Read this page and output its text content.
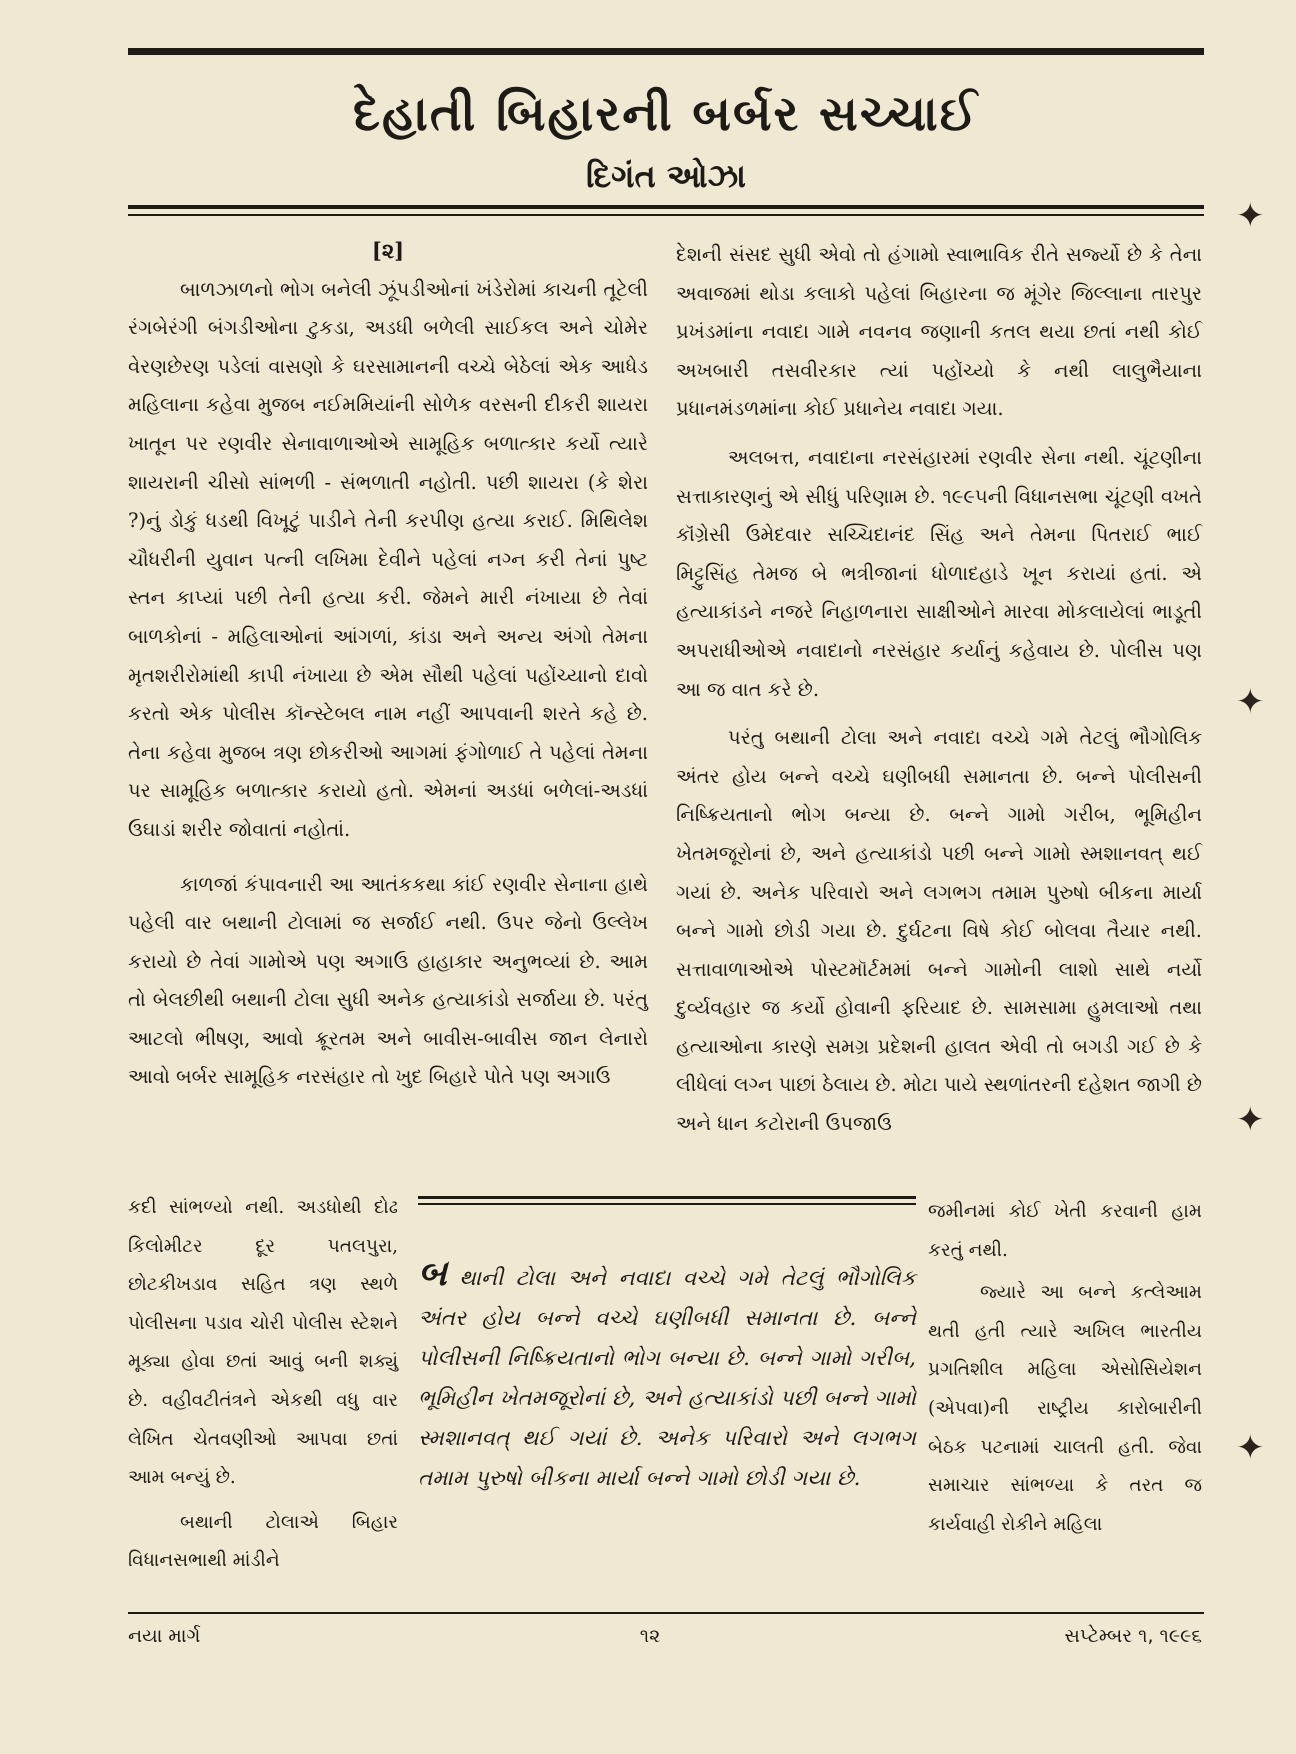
દેહાતી બિહારની બર્બર સચ્ચાઈ
દિગંત ઓઝા

[૨]

બાળઝાળનો ભોગ બનેલી ઝૂંપડીઓનાં ખંડેરોમાં કાચની તૂટેલી રંગબેરંગી બંગડીઓના ટુકડા, અડધી બળેલી સાઈકલ અને ચોમેર વેરણછેરણ પડેલાં વાસણો કે ઘરસામાનની વચ્ચે બેઠેલાં એક આધેડ મહિલાના કહેવા મુજબ નઈમમિયાંની સોળેક વરસની દીકરી શાયરા ખાતૂન પર રણવીર સેનાવાળાઓએ સામૂહિક બળાત્કાર કર્યો ત્યારે શાયરાની ચીસો સાંભળી - સંભળાતી નહોતી. પછી શાયરા (કે શેરા ?)નું ડોકું ધડથી વિખૂટું પાડીને તેની કરપીણ હત્યા કરાઈ. મિથિલેશ ચૌધરીની યુવાન પત્ની લખિમા દેવીને પહેલાં નગ્ન કરી તેનાં પુષ્ટ સ્તન કાપ્યાં પછી તેની હત્યા કરી. જેમને મારી નંખાયા છે તેવાં બાળકોનાં - મહિલાઓનાં આંગળાં, કાંડા અને અન્ય અંગો તેમના મૃતશરીરોમાંથી કાપી નંખાયા છે એમ સૌથી પહેલાં પહોંચ્યાનો દાવો કરતો એક પોલીસ કૉન્સ્ટેબલ નામ નહીં આપવાની શરતે કહે છે. તેના કહેવા મુજબ ત્રણ છોકરીઓ આગમાં ફંગોળાઈ તે પહેલાં તેમના પર સામૂહિક બળાત્કાર કરાયો હતો. એમનાં અડધાં બળેલાં-અડધાં ઉઘાડાં શરીર જોવાતાં નહોતાં.

કાળજાં કંપાવનારી આ આતંકકથા કાંઈ રણવીર સેનાના હાથે પહેલી વાર બથાની ટોલામાં જ સર્જાઈ નથી. ઉપર જેનો ઉલ્લેખ કરાયો છે તેવાં ગામોએ પણ અગાઉ હાહાકાર અનુભવ્યાં છે. આમ તો બેલછીથી બથાની ટોલા સુધી અનેક હત્યાકાંડો સર્જાયા છે. પરંતુ આટલો ભીષણ, આવો ક્રૂરતમ અને બાવીસ-બાવીસ જાન લેનારો આવો બર્બર સામૂહિક નરસંહાર તો ખુદ બિહારે પોતે પણ અગાઉ

દેશની સંસદ સુધી એવો તો હંગામો સ્વાભાવિક રીતે સર્જ્યો છે કે તેના અવાજમાં થોડા કલાકો પહેલાં બિહારના જ મૂંગેર જિલ્લાના તારપુર પ્રખંડમાંના નવાદા ગામે નવનવ જણાની કતલ થયા છતાં નથી કોઈ અખબારી તસવીરકાર ત્યાં પહોંચ્યો કે નથી લાલુભૈયાના પ્રધાનમંડળમાંના કોઈ પ્રધાનેય નવાદા ગયા.

અલબત્ત, નવાદાના નરસંહારમાં રણવીર સેના નથી. ચૂંટણીના સત્તાકારણનું એ સીધું પરિણામ છે. ૧૯૯૫ની વિધાનસભા ચૂંટણી વખતે કૉંગ્રેસી ઉમેદવાર સચ્ચિદાનંદ સિંહ અને તેમના પિતરાઈ ભાઈ મિટ્ટુસિંહ તેમજ બે ભત્રીજાનાં ધોળાદહાડે ખૂન કરાયાં હતાં. એ હત્યાકાંડને નજરે નિહાળનારા સાક્ષીઓને મારવા મોકલાયેલાં ભાડૂતી અપરાધીઓએ નવાદાનો નરસંહાર કર્યાનું કહેવાય છે. પોલીસ પણ આ જ વાત કરે છે.

પરંતુ બથાની ટોલા અને નવાદા વચ્ચે ગમે તેટલું ભૌગોલિક અંતર હોય બન્ને વચ્ચે ઘણીબધી સમાનતા છે. બન્ને પોલીસની નિષ્ક્રિયતાનો ભોગ બન્યા છે. બન્ને ગામો ગરીબ, ભૂમિહીન ખેતમજૂરોનાં છે, અને હત્યાકાંડો પછી બન્ને ગામો સ્મશાનવત્ થઈ ગયાં છે. અનેક પરિવારો અને લગભગ તમામ પુરુષો બીકના માર્યા બન્ને ગામો છોડી ગયા છે. દુર્ઘટના વિષે કોઈ બોલવા તૈયાર નથી. સત્તાવાળાઓએ પોસ્ટમૉર્ટમમાં બન્ને ગામોની લાશો સાથે નર્યો દુર્વ્યવહાર જ કર્યો હોવાની ફરિયાદ છે. સામસામા હુમલાઓ તથા હત્યાઓના કારણે સમગ્ર પ્રદેશની હાલત એવી તો બગડી ગઈ છે કે લીધેલાં લગ્ન પાછાં ઠેલાય છે. મોટા પાયે સ્થળાંતરની દહેશત જાગી છે અને ધાન કટોરાની ઉપજાઉ

કદી સાંભળ્યો નથી. અડધોથી દોઢ કિલોમીટર દૂર પતલપુરા, છોટકીખડાવ સહિત ત્રણ સ્થળે પોલીસના પડાવ ચોરી પોલીસ સ્ટેશને મૂક્યા હોવા છતાં આવું બની શક્યું છે. વહીવટીતંત્રને એકથી વધુ વાર લેખિત ચેતવણીઓ આપવા છતાં આમ બન્યું છે.

બથાની ટોલાએ બિહાર વિધાનસભાથી માંડીને

બ થાની ટોલા અને નવાદા વચ્ચે ગમે તેટલું ભૌગોલિક અંતર હોય બન્ને વચ્ચે ઘણીબધી સમાનતા છે. બન્ને પોલીસની નિષ્ક્રિયતાનો ભોગ બન્યા છે. બન્ને ગામો ગરીબ, ભૂમિહીન ખેતમજૂરોનાં છે, અને હત્યાકાંડો પછી બન્ને ગામો સ્મશાનવત્ થઈ ગયાં છે. અનેક પરિવારો અને લગભગ તમામ પુરુષો બીકના માર્યા બન્ને ગામો છોડી ગયા છે.

જમીનમાં કોઈ ખેતી કરવાની હામ કરતું નથી.

જ્યારે આ બન્ને કત્લેઆમ થતી હતી ત્યારે અખિલ ભારતીય પ્રગતિશીલ મહિલા એસોસિયેશન (એપવા)ની રાષ્ટ્રીય કારોબારીની બેઠક પટનામાં ચાલતી હતી. જેવા સમાચાર સાંભળ્યા કે તરત જ કાર્યવાહી રોકીને મહિલા

નયા માર્ગ	૧૨	સપ્ટેમ્બર ૧, ૧૯૯૬
✦
✦
✦
✦
